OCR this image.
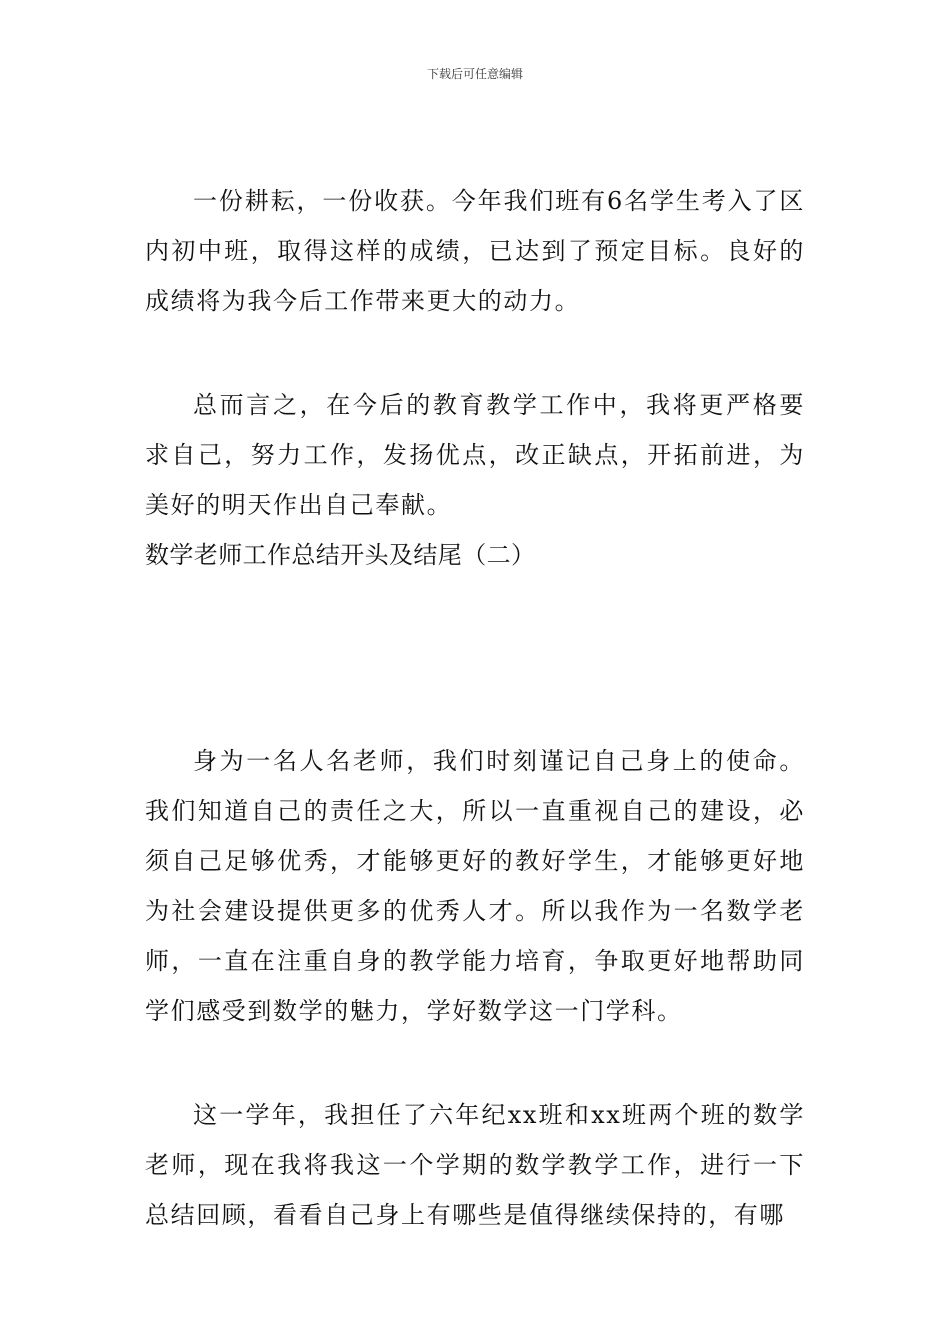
下载后可任意编辑

一份耕耘，一份收获。今年我们班有6名学生考入了区内初中班，取得这样的成绩，已达到了预定目标。良好的成绩将为我今后工作带来更大的动力。

总而言之，在今后的教育教学工作中，我将更严格要求自己，努力工作，发扬优点，改正缺点，开拓前进，为美好的明天作出自己奉献。

数学老师工作总结开头及结尾（二）

身为一名人名老师，我们时刻谨记自己身上的使命。我们知道自己的责任之大，所以一直重视自己的建设，必须自己足够优秀，才能够更好的教好学生，才能够更好地为社会建设提供更多的优秀人才。所以我作为一名数学老师，一直在注重自身的教学能力培育，争取更好地帮助同学们感受到数学的魅力，学好数学这一门学科。

这一学年，我担任了六年纪xx班和xx班两个班的数学老师，现在我将我这一个学期的数学教学工作，进行一下总结回顾，看看自己身上有哪些是值得继续保持的，有哪
